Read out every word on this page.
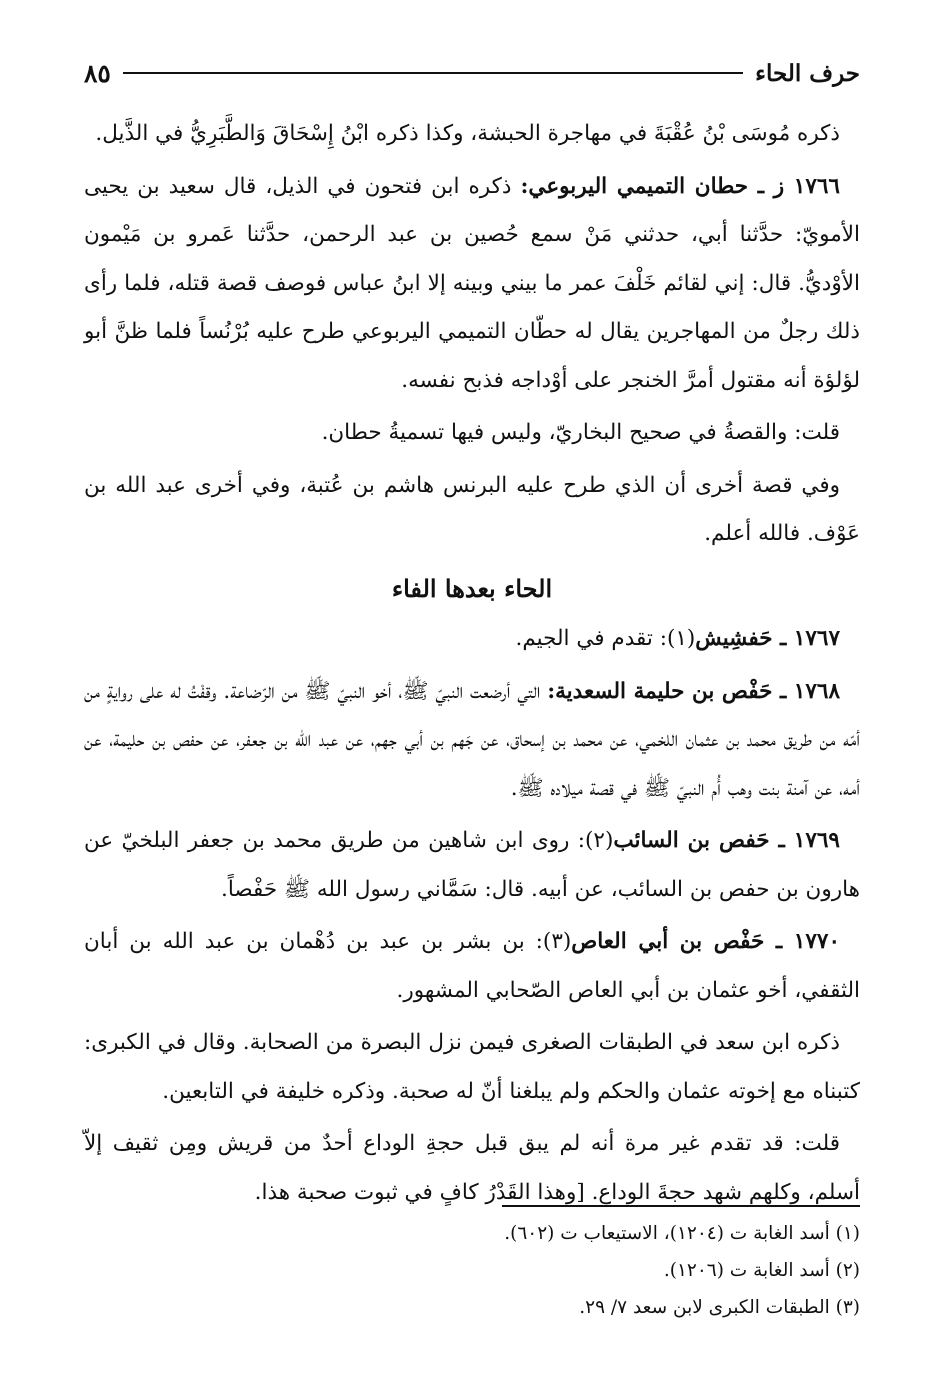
حرف الحاء
٨٥

ذكره مُوسَى بْنُ عُقْبَةَ في مهاجرة الحبشة، وكذا ذكره ابْنُ إِسْحَاقَ وَالطَّبَرِيُّ في الذَّيل.

١٧٦٦ ز ـ حطان التميمي اليربوعي: ذكره ابن فتحون في الذيل، قال سعيد بن يحيى الأمويّ: حدَّثنا أبي، حدثني مَنْ سمع حُصين بن عبد الرحمن، حدَّثنا عَمرو بن مَيْمون الأوْديُّ. قال: إني لقائم خَلْفَ عمر ما بيني وبينه إلا ابنُ عباس فوصف قصة قتله، فلما رأى ذلك رجلٌ من المهاجرين يقال له حطّان التميمي اليربوعي طرح عليه بُرْنُساً فلما ظنَّ أبو لؤلؤة أنه مقتول أمرَّ الخنجر على أوْداجه فذبح نفسه.

قلت: والقصةُ في صحيح البخاريّ، وليس فيها تسميةُ حطان.

وفي قصة أخرى أن الذي طرح عليه البرنس هاشم بن عُتبة، وفي أخرى عبد الله بن عَوْف. فالله أعلم.

الحاء بعدها الفاء

١٧٦٧ ـ حَفشِيش(١): تقدم في الجيم.

١٧٦٨ ـ حَفْص بن حليمة السعدية: التي أرضعت النبيّ ﷺ، أخو النبيّ ﷺ من الرّضاعة. وقفْتُ له على روايةٍ من أمّه من طريق محمد بن عثمان اللخمي، عن محمد بن إسحاق، عن جَهم بن أبي جهم، عن عبد الله بن جعفر، عن حفص بن حليمة، عن أمه، عن آمنة بنت وهب أُم النبيّ ﷺ في قصة ميلاده ﷺ.

١٧٦٩ ـ حَفص بن السائب(٢): روى ابن شاهين من طريق محمد بن جعفر البلخيّ عن هارون بن حفص بن السائب، عن أبيه. قال: سَمَّاني رسول الله ﷺ حَفْصاً.

١٧٧٠ ـ حَفْص بن أبي العاص(٣): بن بشر بن عبد بن دُهْمان بن عبد الله بن أبان الثقفي، أخو عثمان بن أبي العاص الصّحابي المشهور.

ذكره ابن سعد في الطبقات الصغرى فيمن نزل البصرة من الصحابة. وقال في الكبرى: كتبناه مع إخوته عثمان والحكم ولم يبلغنا أنّ له صحبة. وذكره خليفة في التابعين.

قلت: قد تقدم غير مرة أنه لم يبق قبل حجةِ الوداع أحدٌ من قريش ومِن ثقيف إلاّ أسلم، وكلهم شهد حجةَ الوداع. [وهذا القَدْرُ كافٍ في ثبوت صحبة هذا.

(١) أسد الغابة ت (١٢٠٤)، الاستيعاب ت (٦٠٢).

(٢) أسد الغابة ت (١٢٠٦).

(٣) الطبقات الكبرى لابن سعد ٧/ ٢٩.
